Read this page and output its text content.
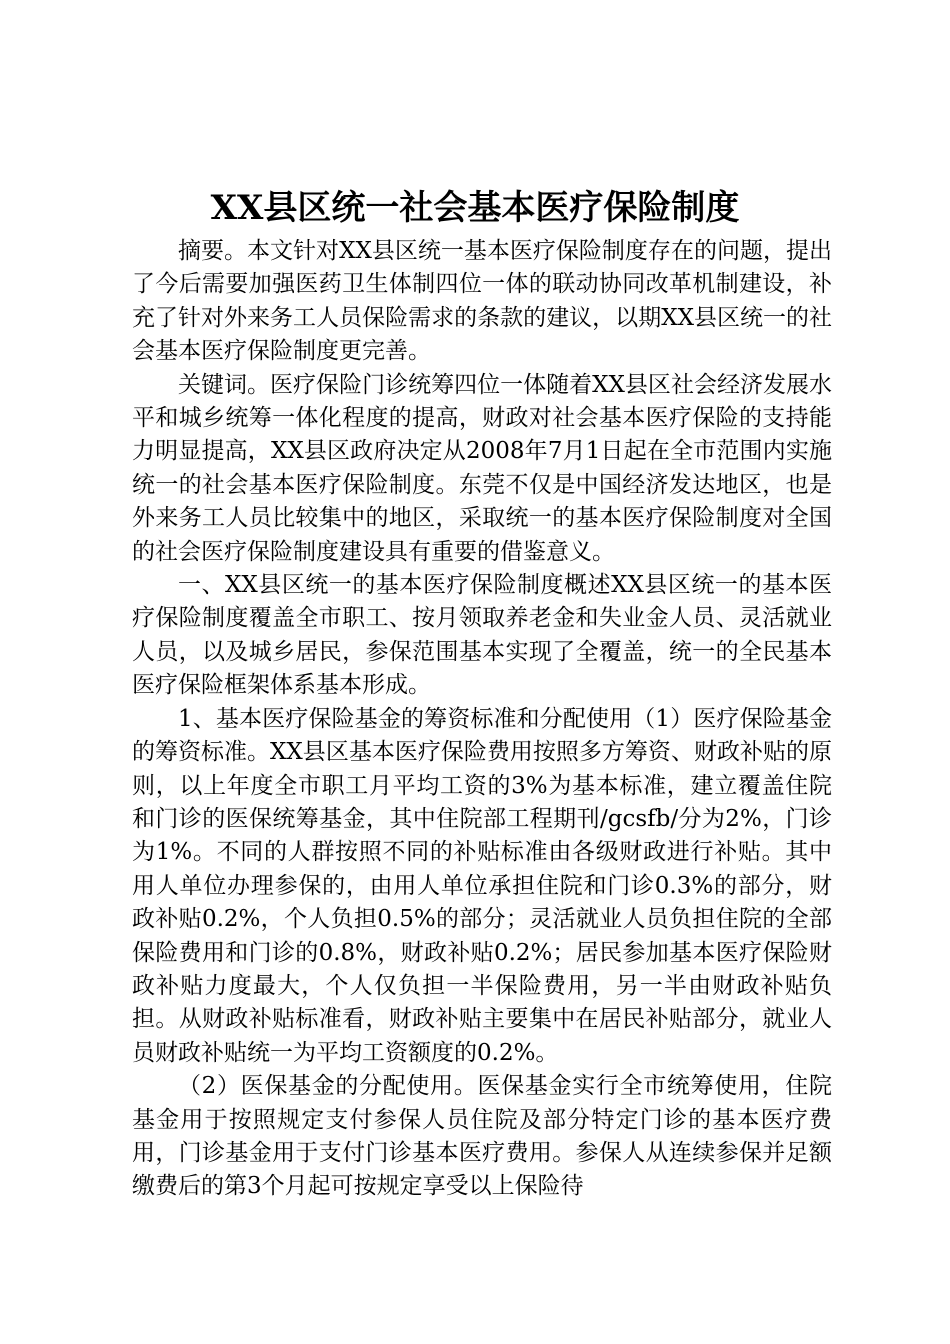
XX县区统一社会基本医疗保险制度

摘要。本文针对XX县区统一基本医疗保险制度存在的问题，提出了今后需要加强医药卫生体制四位一体的联动协同改革机制建设，补充了针对外来务工人员保险需求的条款的建议，以期XX县区统一的社会基本医疗保险制度更完善。

关键词。医疗保险门诊统筹四位一体随着XX县区社会经济发展水平和城乡统筹一体化程度的提高，财政对社会基本医疗保险的支持能力明显提高，XX县区政府决定从2008年7月1日起在全市范围内实施统一的社会基本医疗保险制度。东莞不仅是中国经济发达地区，也是外来务工人员比较集中的地区，采取统一的基本医疗保险制度对全国的社会医疗保险制度建设具有重要的借鉴意义。

一、XX县区统一的基本医疗保险制度概述XX县区统一的基本医疗保险制度覆盖全市职工、按月领取养老金和失业金人员、灵活就业人员，以及城乡居民，参保范围基本实现了全覆盖，统一的全民基本医疗保险框架体系基本形成。

1、基本医疗保险基金的筹资标准和分配使用（1）医疗保险基金的筹资标准。XX县区基本医疗保险费用按照多方筹资、财政补贴的原则，以上年度全市职工月平均工资的3%为基本标准，建立覆盖住院和门诊的医保统筹基金，其中住院部工程期刊/gcsfb/分为2%，门诊为1%。不同的人群按照不同的补贴标准由各级财政进行补贴。其中用人单位办理参保的，由用人单位承担住院和门诊0.3%的部分，财政补贴0.2%，个人负担0.5%的部分；灵活就业人员负担住院的全部保险费用和门诊的0.8%，财政补贴0.2%；居民参加基本医疗保险财政补贴力度最大，个人仅负担一半保险费用，另一半由财政补贴负担。从财政补贴标准看，财政补贴主要集中在居民补贴部分，就业人员财政补贴统一为平均工资额度的0.2%。

（2）医保基金的分配使用。医保基金实行全市统筹使用，住院基金用于按照规定支付参保人员住院及部分特定门诊的基本医疗费用，门诊基金用于支付门诊基本医疗费用。参保人从连续参保并足额缴费后的第3个月起可按规定享受以上保险待
